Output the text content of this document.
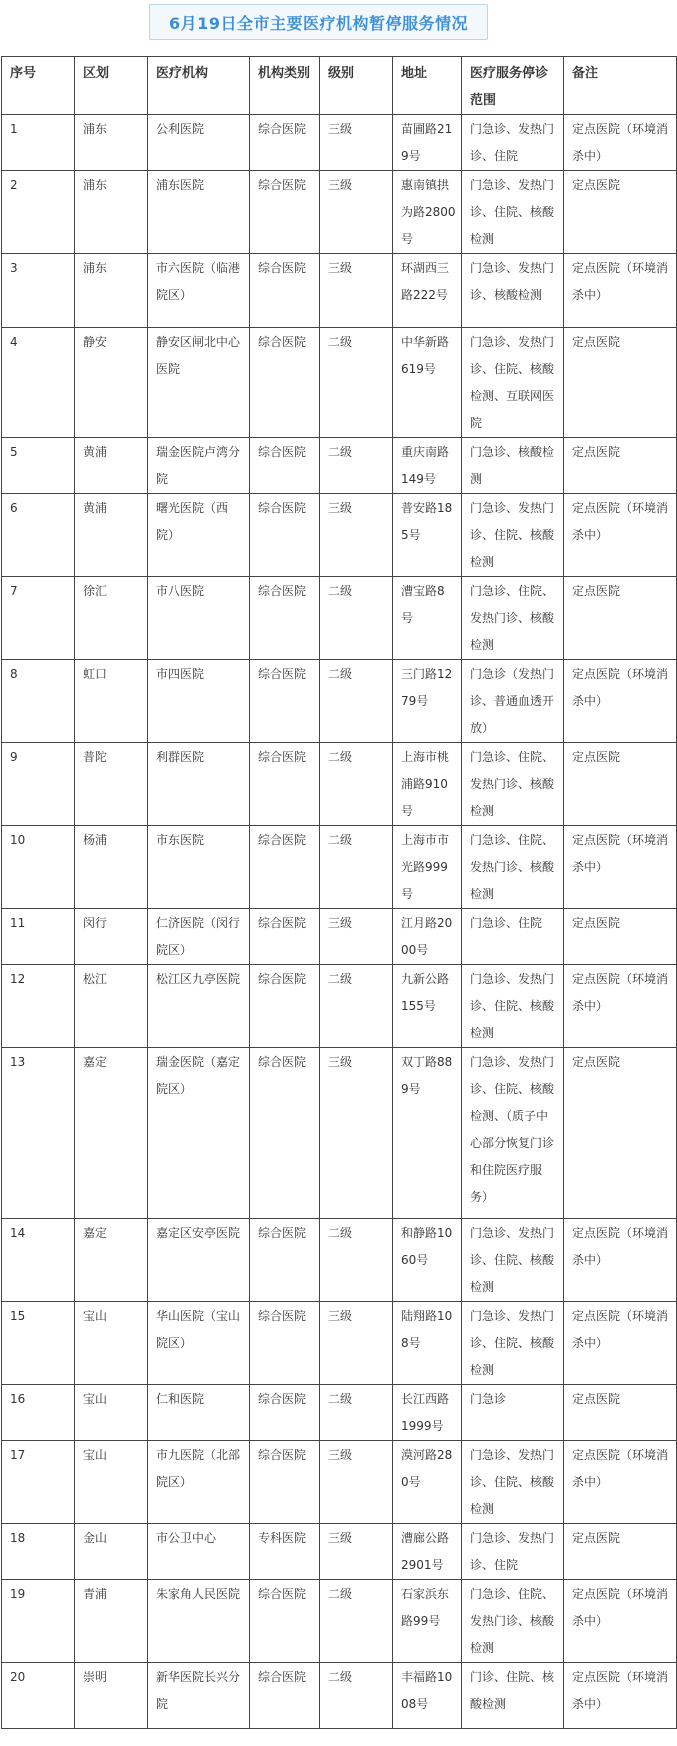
6月19日全市主要医疗机构暂停服务情况
序号	区划	医疗机构	机构类别	级别	地址	医疗服务停诊范围	备注
1	浦东	公利医院	综合医院	三级	苗圃路219号	门急诊、发热门诊、住院	定点医院（环境消杀中）
2	浦东	浦东医院	综合医院	三级	惠南镇拱为路2800号	门急诊、发热门诊、住院、核酸检测	定点医院
3	浦东	市六医院（临港院区）	综合医院	三级	环湖西三路222号	门急诊、发热门诊、核酸检测	定点医院（环境消杀中）
4	静安	静安区闸北中心医院	综合医院	二级	中华新路619号	门急诊、发热门诊、住院、核酸检测、互联网医院	定点医院
5	黄浦	瑞金医院卢湾分院	综合医院	二级	重庆南路149号	门急诊、核酸检测	定点医院
6	黄浦	曙光医院（西院）	综合医院	三级	普安路185号	门急诊、发热门诊、住院、核酸检测	定点医院（环境消杀中）
7	徐汇	市八医院	综合医院	二级	漕宝路8号	门急诊、住院、发热门诊、核酸检测	定点医院
8	虹口	市四医院	综合医院	二级	三门路1279号	门急诊（发热门诊、普通血透开放）	定点医院（环境消杀中）
9	普陀	利群医院	综合医院	二级	上海市桃浦路910号	门急诊、住院、发热门诊、核酸检测	定点医院
10	杨浦	市东医院	综合医院	二级	上海市市光路999号	门急诊、住院、发热门诊、核酸检测	定点医院（环境消杀中）
11	闵行	仁济医院（闵行院区）	综合医院	三级	江月路2000号	门急诊、住院	定点医院
12	松江	松江区九亭医院	综合医院	二级	九新公路155号	门急诊、发热门诊、住院、核酸检测	定点医院（环境消杀中）
13	嘉定	瑞金医院（嘉定院区）	综合医院	三级	双丁路889号	门急诊、发热门诊、住院、核酸检测、（质子中心部分恢复门诊和住院医疗服务）	定点医院
14	嘉定	嘉定区安亭医院	综合医院	二级	和静路1060号	门急诊、发热门诊、住院、核酸检测	定点医院（环境消杀中）
15	宝山	华山医院（宝山院区）	综合医院	三级	陆翔路108号	门急诊、发热门诊、住院、核酸检测	定点医院（环境消杀中）
16	宝山	仁和医院	综合医院	二级	长江西路1999号	门急诊	定点医院
17	宝山	市九医院（北部院区）	综合医院	三级	漠河路280号	门急诊、发热门诊、住院、核酸检测	定点医院（环境消杀中）
18	金山	市公卫中心	专科医院	三级	漕廊公路2901号	门急诊、发热门诊、住院	定点医院
19	青浦	朱家角人民医院	综合医院	二级	石家浜东路99号	门急诊、住院、发热门诊、核酸检测	定点医院（环境消杀中）
20	崇明	新华医院长兴分院	综合医院	二级	丰福路1008号	门诊、住院、核酸检测	定点医院（环境消杀中）
